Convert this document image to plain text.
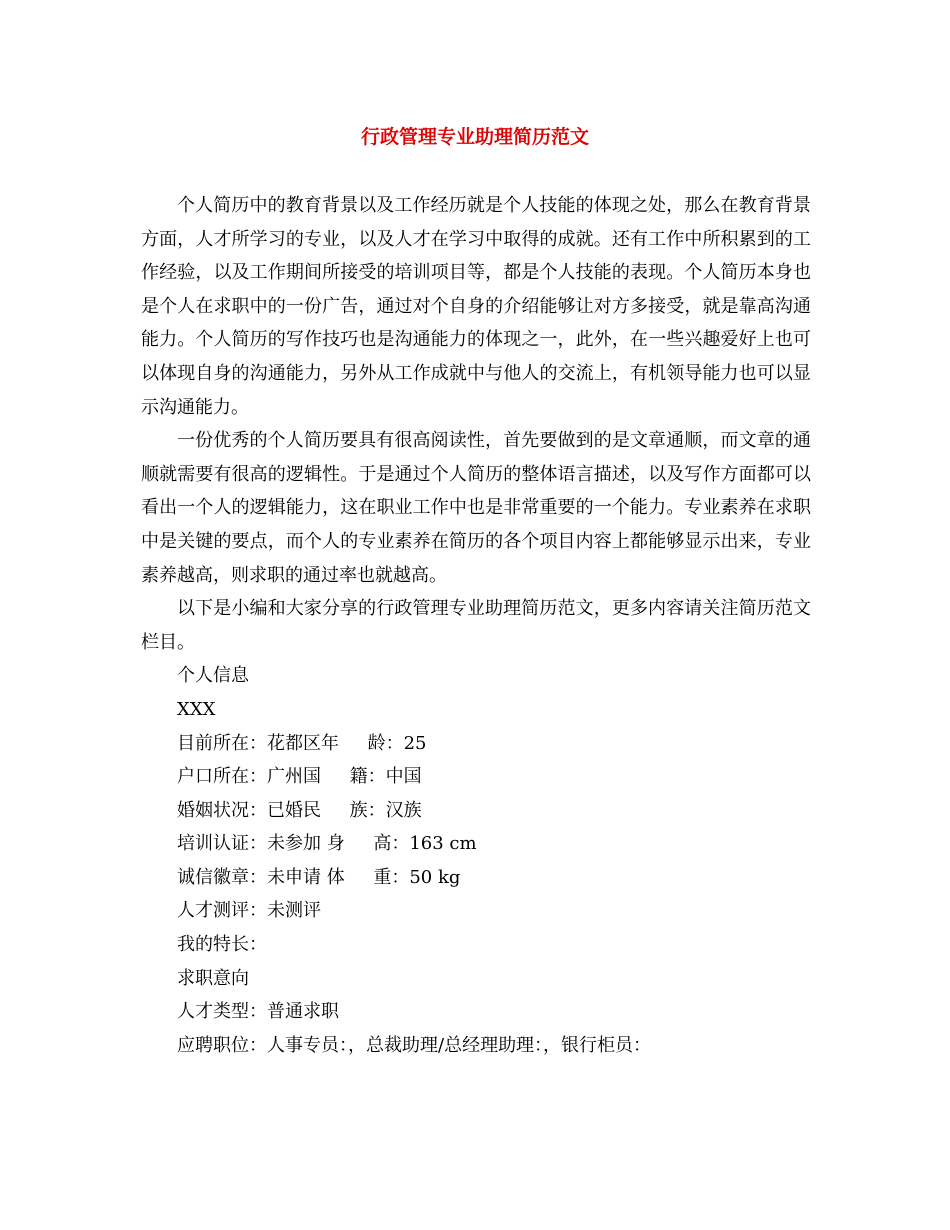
行政管理专业助理简历范文

个人简历中的教育背景以及工作经历就是个人技能的体现之处，那么在教育背景方面，人才所学习的专业，以及人才在学习中取得的成就。还有工作中所积累到的工作经验，以及工作期间所接受的培训项目等，都是个人技能的表现。个人简历本身也是个人在求职中的一份广告，通过对个自身的介绍能够让对方多接受，就是靠高沟通能力。个人简历的写作技巧也是沟通能力的体现之一，此外，在一些兴趣爱好上也可以体现自身的沟通能力，另外从工作成就中与他人的交流上，有机领导能力也可以显示沟通能力。

一份优秀的个人简历要具有很高阅读性，首先要做到的是文章通顺，而文章的通顺就需要有很高的逻辑性。于是通过个人简历的整体语言描述，以及写作方面都可以看出一个人的逻辑能力，这在职业工作中也是非常重要的一个能力。专业素养在求职中是关键的要点，而个人的专业素养在简历的各个项目内容上都能够显示出来，专业素养越高，则求职的通过率也就越高。

以下是小编和大家分享的行政管理专业助理简历范文，更多内容请关注简历范文栏目。

个人信息

XXX

目前所在：花都区年     龄：25

户口所在：广州国     籍：中国

婚姻状况：已婚民     族：汉族

培训认证：未参加 身     高：163 cm

诚信徽章：未申请 体     重：50 kg

人才测评：未测评

我的特长：

求职意向

人才类型：普通求职

应聘职位：人事专员：，总裁助理/总经理助理：，银行柜员：
